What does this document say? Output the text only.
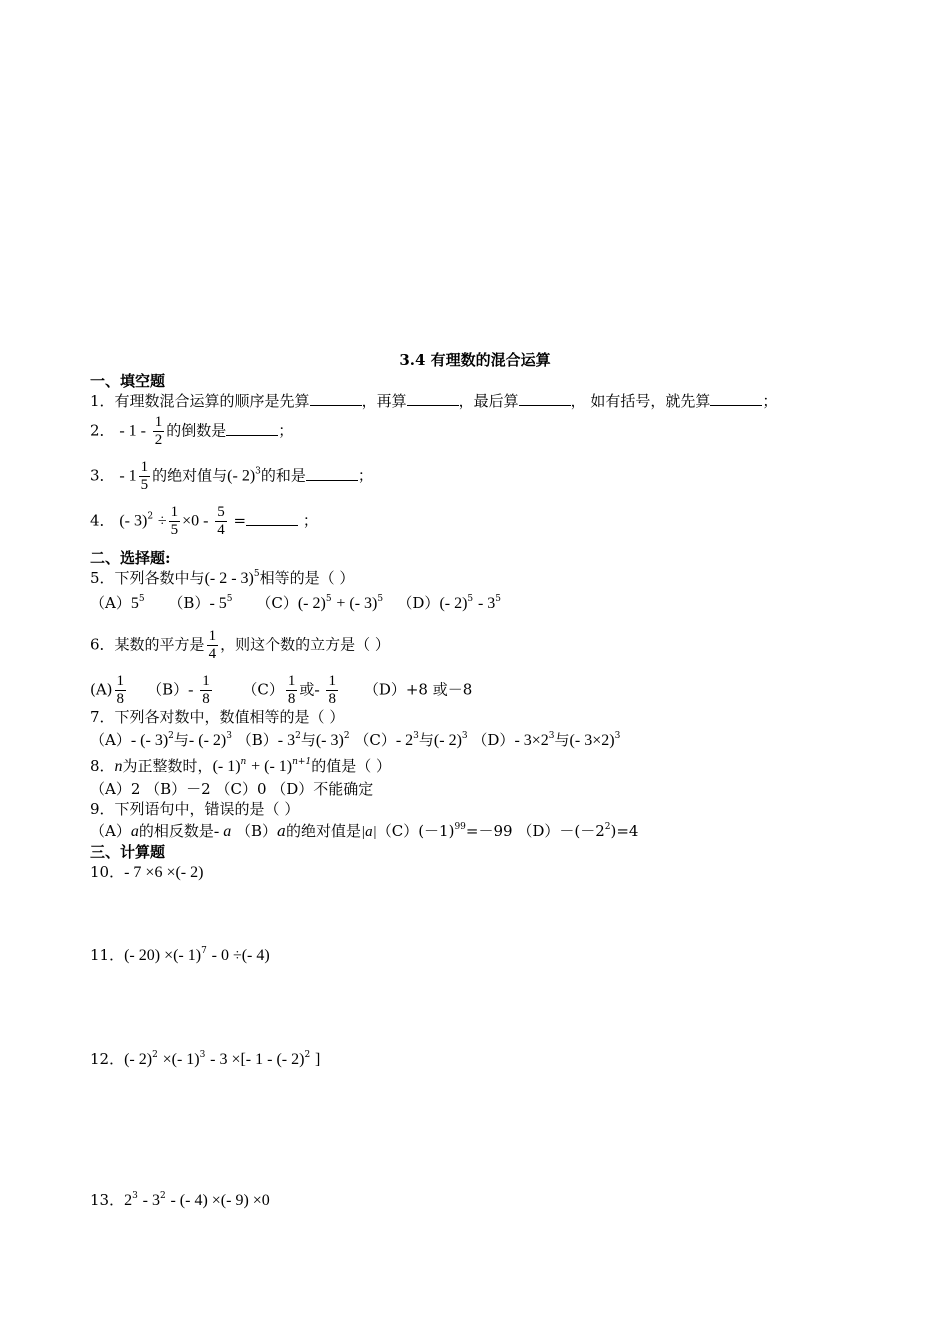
3.4 有理数的混合运算
一、填空题
1．有理数混合运算的顺序是先算	，再算	，最后算	， 如有括号，就先算	；
2． - $1 - \frac{1}{2}$ 的倒数是	；
3． - $1 \frac{1}{5}$ 的绝对值与(- 2)$^3$的和是	；
4． (- $3)^2 \div \frac{1}{5} \times 0 - \frac{5}{4}$ =	；
二、选择题:
5．下列各数中与(- 2 - 3)$^5$相等的是（ ）
$(A)5^5$ （B）- $5^5$ （C）(- 2)$^5$ + (- 3)$^5$ （D）(- $2)^5 - 3^5$
6．某数的平方是 $\frac{1}{4}$ ，则这个数的立方是（ ）
$(A) \frac{1}{8} (B)- \frac{1}{8} (C) \frac{1}{8}$ 或- $\frac{1}{8} (D)+8$ 或－8
7．下列各对数中，数值相等的是（ ）
（A）- (- 3)$^2$与- (- 2)$^3$ （B）- $3^2$与(- 3)$^2$ （C）- $2^3$与(- 2)$^3$ （D）- $3\times 2^3$与(- 3×2)$^3$
8．n为正整数时，(- 1)$^n$ + (- 1)$^{n+1}$的值是（ ）
（A）2 （B）－2 （C）0 （D）不能确定
9．下列语句中，错误的是（ ）
（A）a的相反数是- a （B）a的绝对值是$|a|(C)(-1)^{99}=-99$ $(D)-(-2^2)=4$
三、计算题
10．- 7 ×6 ×(- 2)
11．(- 20) ×(- 1)$^7$ - 0 ÷(- 4)
12．(- 2)$^2$ ×(- 1)$^3$ - 3 ×[- 1 - (- 2)$^2$ ]
13．$2^3 - 3^2$ - (- 4) ×(- 9) ×0
